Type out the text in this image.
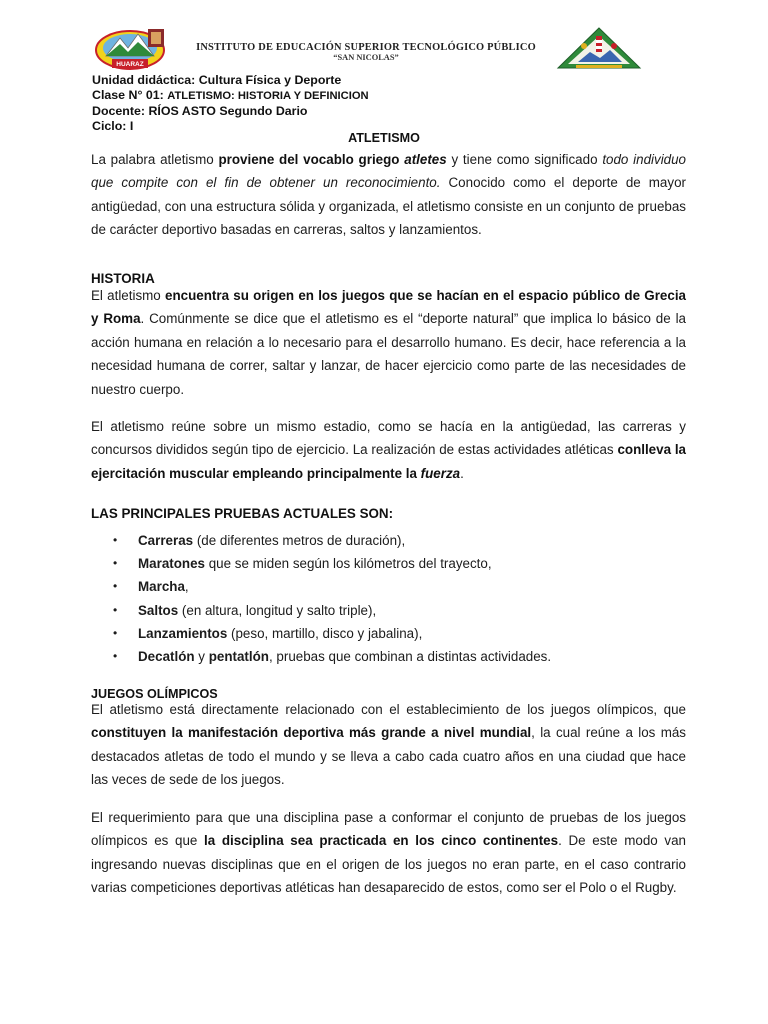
HUARAZ
INSTITUTO DE EDUCACIÓN SUPERIOR TECNOLÓGICO PÚBLICO
“SAN NICOLAS”
Unidad didáctica: Cultura Física y Deporte
Clase N° 01: ATLETISMO: HISTORIA Y DEFINICION
Docente: RÍOS ASTO Segundo Dario
Ciclo: I
ATLETISMO

La palabra atletismo proviene del vocablo griego atletes y tiene como significado todo individuo que compite con el fin de obtener un reconocimiento. Conocido como el deporte de mayor antigüedad, con una estructura sólida y organizada, el atletismo consiste en un conjunto de pruebas de carácter deportivo basadas en carreras, saltos y lanzamientos.

HISTORIA

El atletismo encuentra su origen en los juegos que se hacían en el espacio público de Grecia y Roma. Comúnmente se dice que el atletismo es el “deporte natural” que implica lo básico de la acción humana en relación a lo necesario para el desarrollo humano. Es decir, hace referencia a la necesidad humana de correr, saltar y lanzar, de hacer ejercicio como parte de las necesidades de nuestro cuerpo.

El atletismo reúne sobre un mismo estadio, como se hacía en la antigüedad, las carreras y concursos divididos según tipo de ejercicio. La realización de estas actividades atléticas conlleva la ejercitación muscular empleando principalmente la fuerza.

LAS PRINCIPALES PRUEBAS ACTUALES SON:
• Carreras (de diferentes metros de duración),
• Maratones que se miden según los kilómetros del trayecto,
• Marcha,
• Saltos (en altura, longitud y salto triple),
• Lanzamientos (peso, martillo, disco y jabalina),
• Decatlón y pentatlón, pruebas que combinan a distintas actividades.
JUEGOS OLÍMPICOS

El atletismo está directamente relacionado con el establecimiento de los juegos olímpicos, que constituyen la manifestación deportiva más grande a nivel mundial, la cual reúne a los más destacados atletas de todo el mundo y se lleva a cabo cada cuatro años en una ciudad que hace las veces de sede de los juegos.

El requerimiento para que una disciplina pase a conformar el conjunto de pruebas de los juegos olímpicos es que la disciplina sea practicada en los cinco continentes. De este modo van ingresando nuevas disciplinas que en el origen de los juegos no eran parte, en el caso contrario varias competiciones deportivas atléticas han desaparecido de estos, como ser el Polo o el Rugby.
